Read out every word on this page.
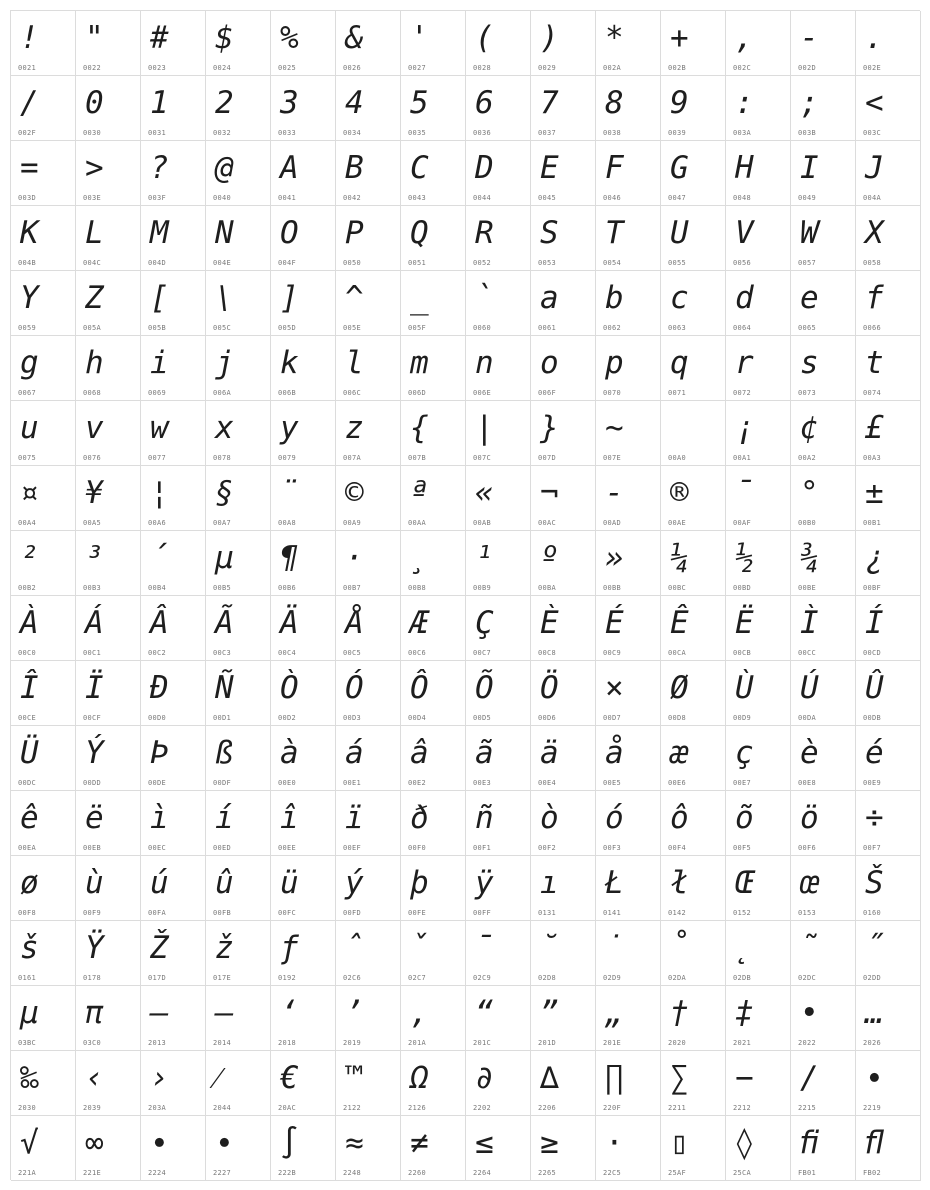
!
0021
"
0022
#
0023
$
0024
%
0025
&
0026
'
0027
(
0028
)
0029
*
002A
+
002B
,
002C
-
002D
.
002E
/
002F
0
0030
1
0031
2
0032
3
0033
4
0034
5
0035
6
0036
7
0037
8
0038
9
0039
:
003A
;
003B
<
003C
=
003D
>
003E
?
003F
@
0040
A
0041
B
0042
C
0043
D
0044
E
0045
F
0046
G
0047
H
0048
I
0049
J
004A
K
004B
L
004C
M
004D
N
004E
O
004F
P
0050
Q
0051
R
0052
S
0053
T
0054
U
0055
V
0056
W
0057
X
0058
Y
0059
Z
005A
[
005B
\
005C
]
005D
^
005E
_
005F
`
0060
a
0061
b
0062
c
0063
d
0064
e
0065
f
0066
g
0067
h
0068
i
0069
j
006A
k
006B
l
006C
m
006D
n
006E
o
006F
p
0070
q
0071
r
0072
s
0073
t
0074
u
0075
v
0076
w
0077
x
0078
y
0079
z
007A
{
007B
|
007C
}
007D
~
007E	00A0
¡
00A1
¢
00A2
£
00A3
¤
00A4
¥
00A5
¦
00A6
§
00A7
¨
00A8
©
00A9
ª
00AA
«
00AB
¬
00AC
-
00AD
®
00AE
¯
00AF
°
00B0
±
00B1
²
00B2
³
00B3
´
00B4
µ
00B5
¶
00B6
·
00B7
¸
00B8
¹
00B9
º
00BA
»
00BB
¼
00BC
½
00BD
¾
00BE
¿
00BF
À
00C0
Á
00C1
Â
00C2
Ã
00C3
Ä
00C4
Å
00C5
Æ
00C6
Ç
00C7
È
00C8
É
00C9
Ê
00CA
Ë
00CB
Ì
00CC
Í
00CD
Î
00CE
Ï
00CF
Ð
00D0
Ñ
00D1
Ò
00D2
Ó
00D3
Ô
00D4
Õ
00D5
Ö
00D6
×
00D7
Ø
00D8
Ù
00D9
Ú
00DA
Û
00DB
Ü
00DC
Ý
00DD
Þ
00DE
ß
00DF
à
00E0
á
00E1
â
00E2
ã
00E3
ä
00E4
å
00E5
æ
00E6
ç
00E7
è
00E8
é
00E9
ê
00EA
ë
00EB
ì
00EC
í
00ED
î
00EE
ï
00EF
ð
00F0
ñ
00F1
ò
00F2
ó
00F3
ô
00F4
õ
00F5
ö
00F6
÷
00F7
ø
00F8
ù
00F9
ú
00FA
û
00FB
ü
00FC
ý
00FD
þ
00FE
ÿ
00FF
ı
0131
Ł
0141
ł
0142
Œ
0152
œ
0153
Š
0160
š
0161
Ÿ
0178
Ž
017D
ž
017E
ƒ
0192
ˆ
02C6
ˇ
02C7
ˉ
02C9
˘
02D8
˙
02D9
˚
02DA
˛
02DB
˜
02DC
˝
02DD
μ
03BC
π
03C0
–
2013
—
2014
‘
2018
’
2019
‚
201A
“
201C
”
201D
„
201E
†
2020
‡
2021
•
2022
…
2026
‰
2030
‹
2039
›
203A
⁄
2044
€
20AC
™
2122
Ω
2126
∂
2202
∆
2206
∏
220F
∑
2211
−
2212
∕
2215
∙
2219
√
221A
∞
221E
∙
2224
∙
2227
∫
222B
≈
2248
≠
2260
≤
2264
≥
2265
⋅
22C5
▯
25AF
◊
25CA
ﬁ
FB01
ﬂ
FB02
